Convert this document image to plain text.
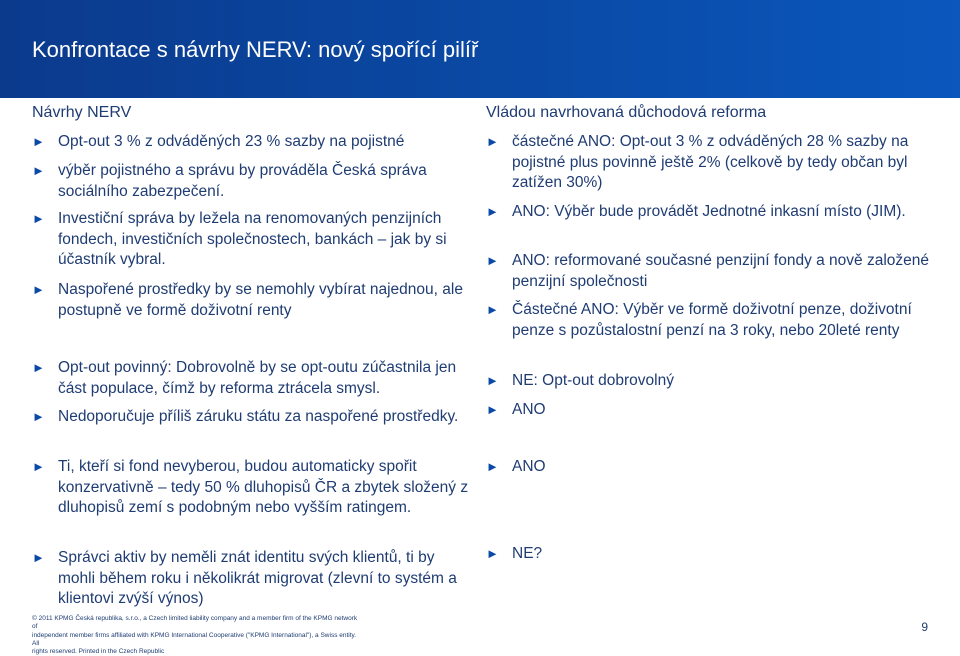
Konfrontace s návrhy NERV: nový spořící pilíř
Návrhy NERV
► Opt-out 3 % z odváděných 23 % sazby na pojistné
► výběr pojistného a správu by prováděla Česká správa sociálního zabezpečení.
► Investiční správa by ležela na renomovaných penzijních fondech, investičních společnostech, bankách – jak by si účastník vybral.
► Naspořené prostředky by se nemohly vybírat najednou, ale postupně ve formě doživotní renty
► Opt-out povinný: Dobrovolně by se opt-outu zúčastnila jen část populace, čímž by reforma ztrácela smysl.
► Nedoporučuje příliš záruku státu za naspořené prostředky.
► Ti, kteří si fond nevyberou, budou automaticky spořit konzervativně – tedy 50 % dluhopisů ČR a zbytek složený z dluhopisů zemí s podobným nebo vyšším ratingem.
► Správci aktiv by neměli znát identitu svých klientů, ti by mohli během roku i několikrát migrovat (zlevní to systém a klientovi zvýší výnos)
Vládou navrhovaná důchodová reforma
► částečné ANO: Opt-out 3 % z odváděných 28 % sazby na pojistné plus povinně ještě 2% (celkově by tedy občan byl zatížen 30%)
► ANO: Výběr bude provádět Jednotné inkasní místo (JIM).
► ANO: reformované současné penzijní fondy a nově založené penzijní společnosti
► Částečné ANO: Výběr ve formě doživotní penze, doživotní penze s pozůstalostní penzí na 3 roky, nebo 20leté renty
► NE: Opt-out dobrovolný
► ANO
► ANO
► NE?
© 2011 KPMG Česká republika, s.r.o., a Czech limited liability company and a member firm of the KPMG network of
independent member firms affiliated with KPMG International Cooperative ("KPMG International"), a Swiss entity. All
rights reserved. Printed in the Czech Republic
9
